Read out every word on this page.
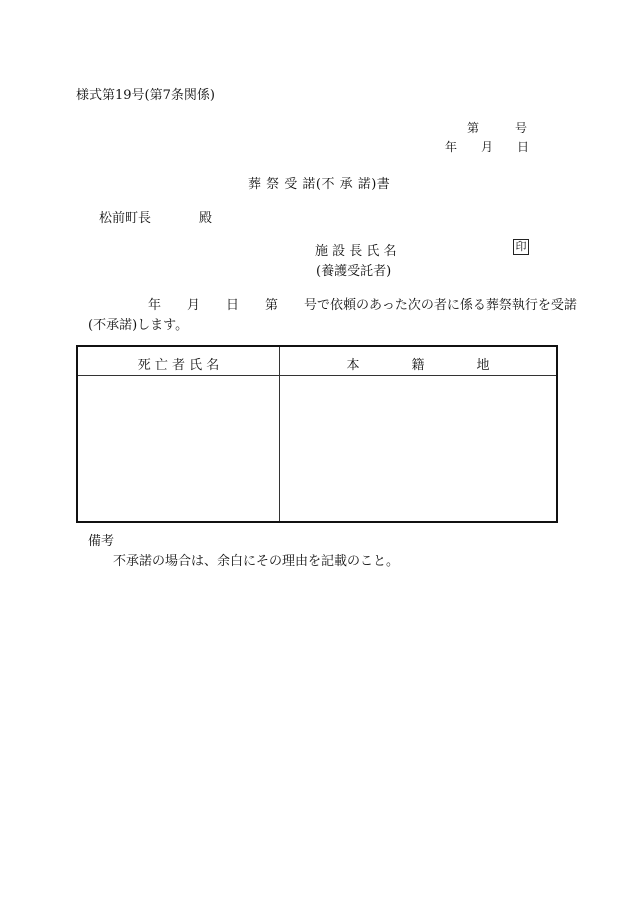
様式第19号(第7条関係)
第　　　号
年　　月　　日
葬 祭 受 諾(不 承 諾)書
松前町長	殿
施 設 長 氏 名	印
(養護受託者)
年　　月　　日　　第　　号で依頼のあった次の者に係る葬祭執行を受諾
(不承諾)します。
死 亡 者 氏 名	本　　　　籍　　　　地
備考
不承諾の場合は、余白にその理由を記載のこと。
